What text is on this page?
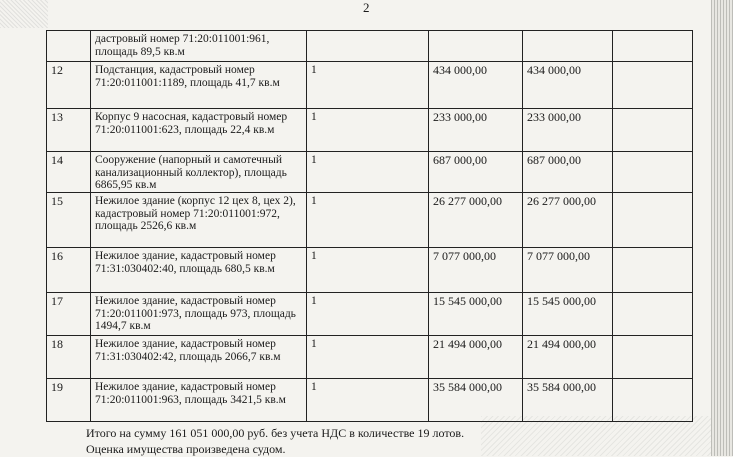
2
	дастровый номер 71:20:011001:961, площадь 89,5 кв.м				
12	Подстанция, кадастровый номер 71:20:011001:1189, площадь 41,7 кв.м	1	434 000,00	434 000,00	
13	Корпус 9 насосная, кадастровый номер 71:20:011001:623, площадь 22,4 кв.м	1	233 000,00	233 000,00	
14	Сооружение (напорный и самотечный канализационный коллектор), площадь 6865,95 кв.м	1	687 000,00	687 000,00	
15	Нежилое здание (корпус 12 цех 8, цех 2), кадастровый номер 71:20:011001:972, площадь 2526,6 кв.м	1	26 277 000,00	26 277 000,00	
16	Нежилое здание, кадастровый номер 71:31:030402:40, площадь 680,5 кв.м	1	7 077 000,00	7 077 000,00	
17	Нежилое здание, кадастровый номер 71:20:011001:973, площадь 973, площадь 1494,7 кв.м	1	15 545 000,00	15 545 000,00	
18	Нежилое здание, кадастровый номер 71:31:030402:42, площадь 2066,7 кв.м	1	21 494 000,00	21 494 000,00	
19	Нежилое здание, кадастровый номер 71:20:011001:963, площадь 3421,5 кв.м	1	35 584 000,00	35 584 000,00	
Итого на сумму 161 051 000,00 руб. без учета НДС в количестве 19 лотов.
Оценка имущества произведена судом.
